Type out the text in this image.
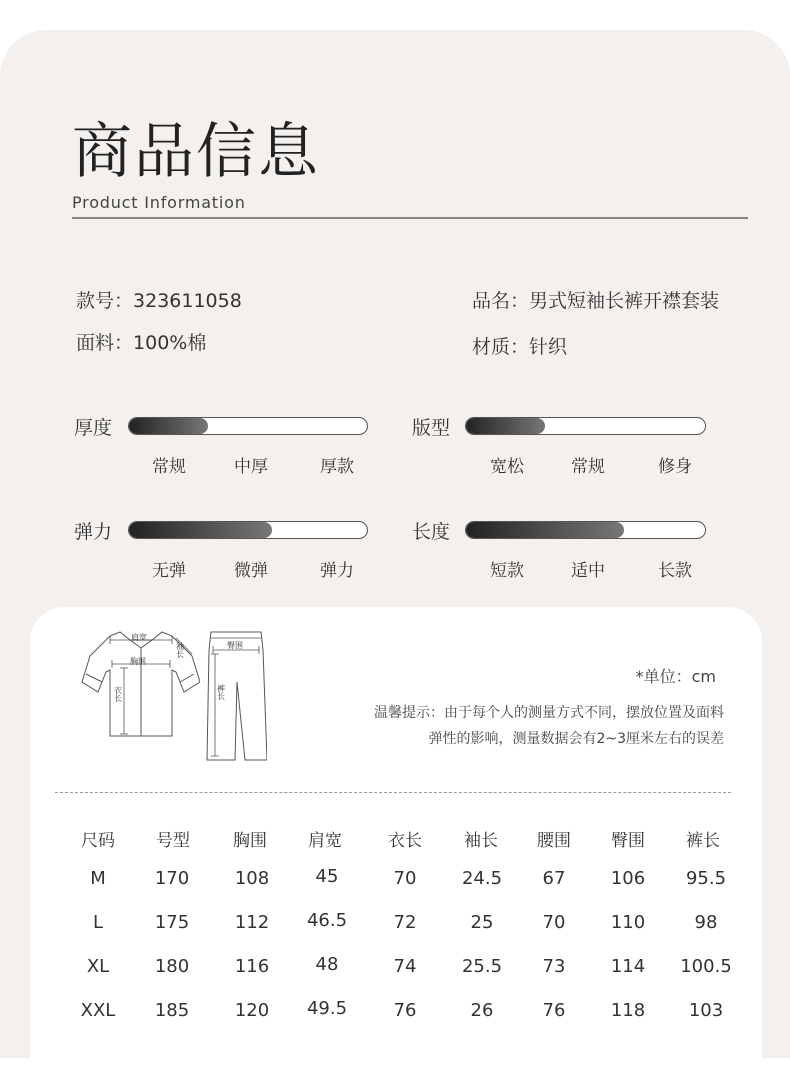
商品信息
Product Information
款号：323611058	品名：男式短袖长裤开襟套装
面料：100%棉	材质：针织
厚度
常规	中厚	厚款
版型
宽松	常规	修身
弹力
无弹	微弹	弹力
长度
短款	适中	长款
肩宽
胸围
衣长
袖长	臀围
裤长
*单位：cm
温馨提示：由于每个人的测量方式不同，摆放位置及面料
弹性的影响，测量数据会有2~3厘米左右的误差
尺码 号型	胸围 肩宽	衣长 袖长 腰围 臀围 裤长
M	170	108	45	70	24.5 67	106 95.5
L	175	112 46.5	72	25	70	110	98
XL	180	116	48	74	25.5 73	114 100.5
XXL 185	120 49.5	76	26	76	118 103
